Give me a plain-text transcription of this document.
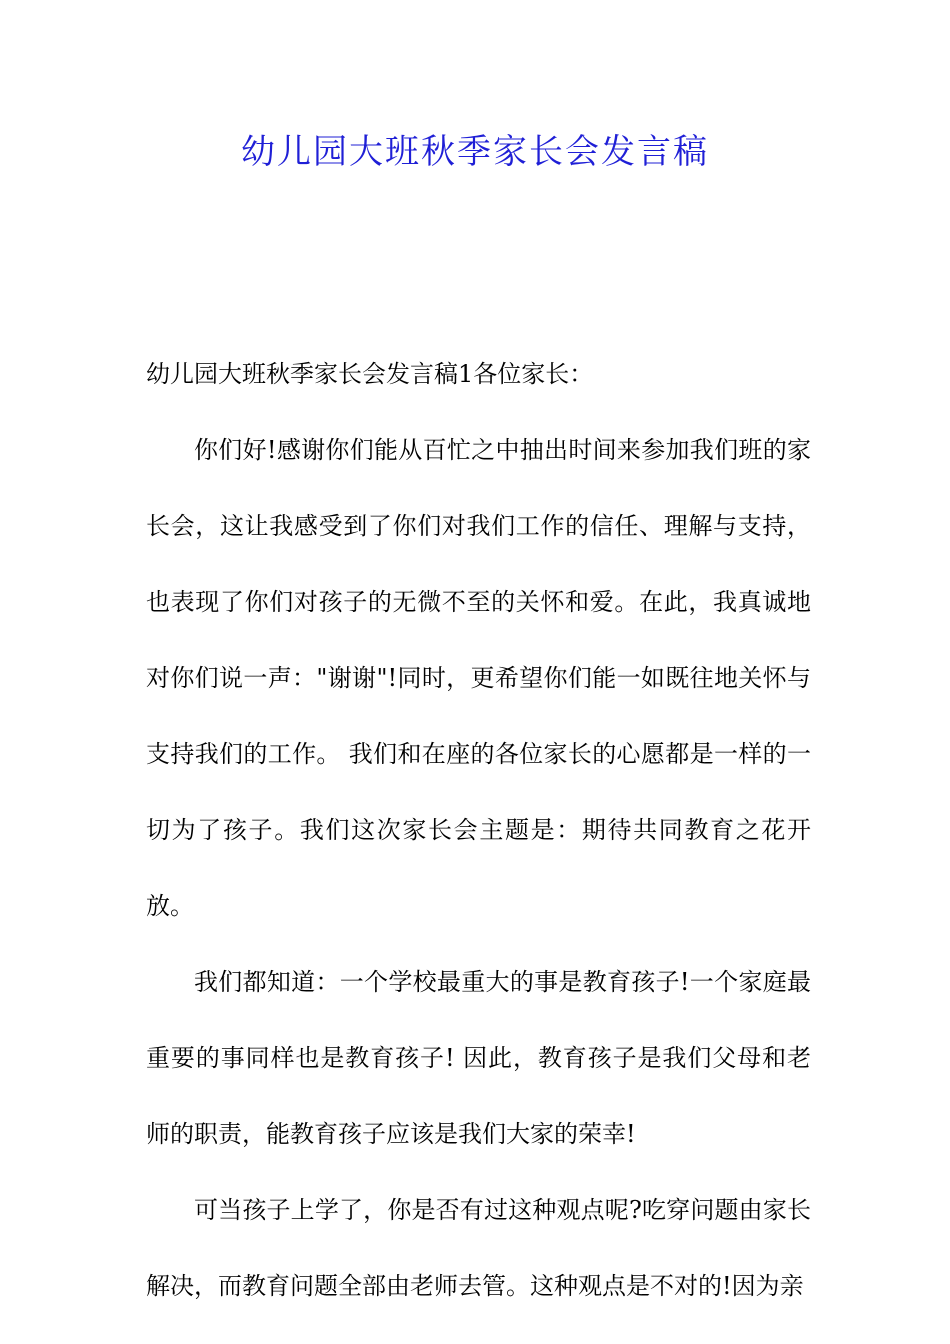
幼儿园大班秋季家长会发言稿

幼儿园大班秋季家长会发言稿1各位家长：

你们好!感谢你们能从百忙之中抽出时间来参加我们班的家长会，这让我感受到了你们对我们工作的信任、理解与支持，也表现了你们对孩子的无微不至的关怀和爱。在此，我真诚地对你们说一声："谢谢"!同时，更希望你们能一如既往地关怀与支持我们的工作。 我们和在座的各位家长的心愿都是一样的一切为了孩子。我们这次家长会主题是：期待共同教育之花开放。

我们都知道：一个学校最重大的事是教育孩子!一个家庭最重要的事同样也是教育孩子! 因此，教育孩子是我们父母和老师的职责，能教育孩子应该是我们大家的荣幸!

可当孩子上学了，你是否有过这种观点呢?吃穿问题由家长解决，而教育问题全部由老师去管。这种观点是不对的!因为亲
